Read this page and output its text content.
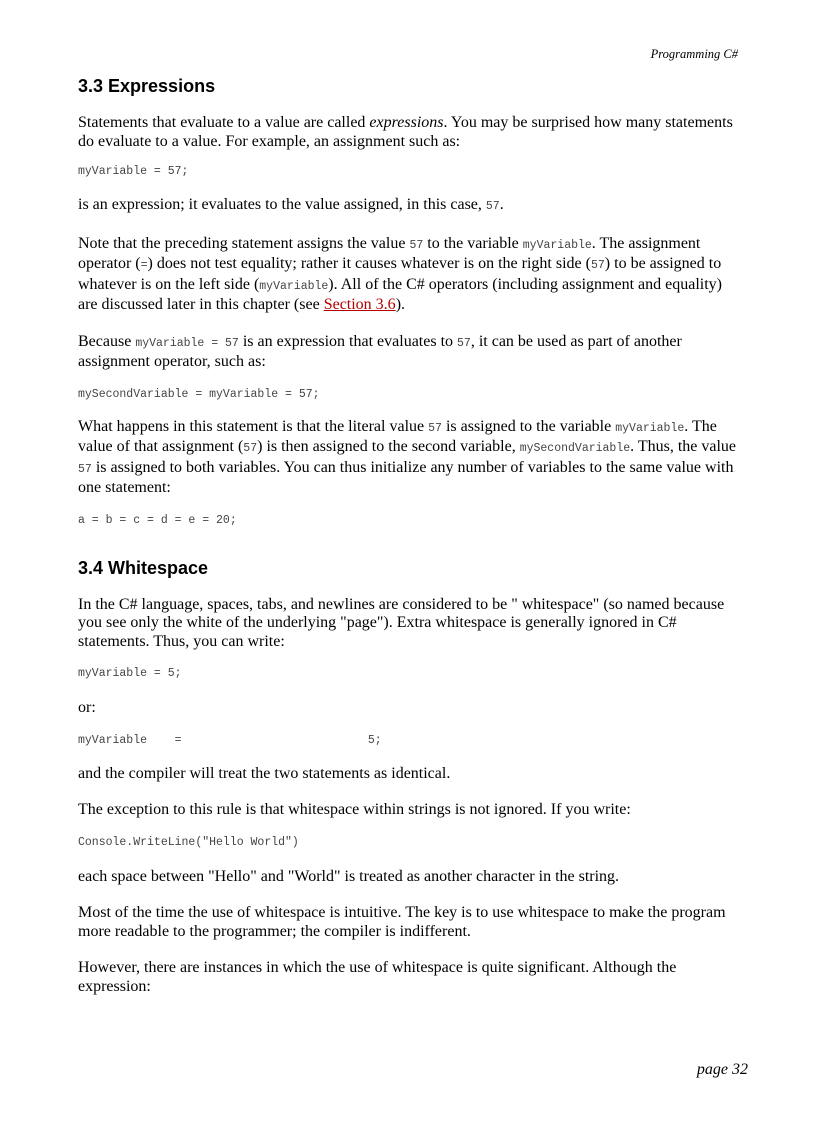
Programming C#
3.3 Expressions

Statements that evaluate to a value are called expressions. You may be surprised how many statements do evaluate to a value. For example, an assignment such as:

myVariable = 57;

is an expression; it evaluates to the value assigned, in this case, 57.

Note that the preceding statement assigns the value 57 to the variable myVariable. The assignment operator (=) does not test equality; rather it causes whatever is on the right side (57) to be assigned to whatever is on the left side (myVariable). All of the C# operators (including assignment and equality) are discussed later in this chapter (see Section 3.6).

Because myVariable = 57 is an expression that evaluates to 57, it can be used as part of another assignment operator, such as:

mySecondVariable = myVariable = 57;

What happens in this statement is that the literal value 57 is assigned to the variable myVariable. The value of that assignment (57) is then assigned to the second variable, mySecondVariable. Thus, the value 57 is assigned to both variables. You can thus initialize any number of variables to the same value with one statement:

a = b = c = d = e = 20;
3.4 Whitespace

In the C# language, spaces, tabs, and newlines are considered to be " whitespace" (so named because you see only the white of the underlying "page"). Extra whitespace is generally ignored in C# statements. Thus, you can write:

myVariable = 5;

or:

myVariable    =                           5;

and the compiler will treat the two statements as identical.

The exception to this rule is that whitespace within strings is not ignored. If you write:

Console.WriteLine("Hello World")

each space between "Hello" and "World" is treated as another character in the string.

Most of the time the use of whitespace is intuitive. The key is to use whitespace to make the program more readable to the programmer; the compiler is indifferent.

However, there are instances in which the use of whitespace is quite significant. Although the expression:

page 32
